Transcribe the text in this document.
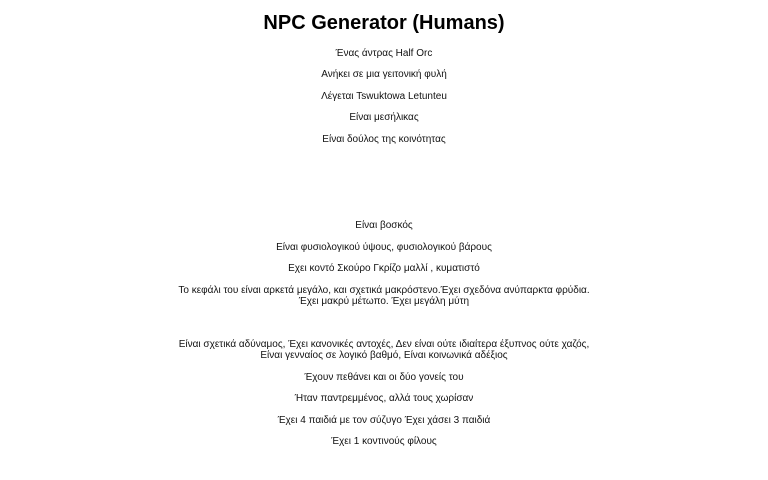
NPC Generator (Humans)

Ένας άντρας Half Orc

Ανήκει σε μια γειτονική φυλή

Λέγεται Tswuktowa Letunteu

Είναι μεσήλικας

Είναι δούλος της κοινότητας

Είναι βοσκός

Είναι φυσιολογικού ύψους, φυσιολογικού βάρους

Εχει κοντό Σκούρο Γκρίζο μαλλί , κυματιστό

Το κεφάλι του είναι αρκετά μεγάλο, και σχετικά μακρόστενο.Έχει σχεδόνα ανύπαρκτα φρύδια.

Έχει μακρύ μέτωπο. Έχει μεγάλη μύτη

Είναι σχετικά αδύναμος, Έχει κανονικές αντοχές, Δεν είναι ούτε ιδιαίτερα έξυπνος ούτε χαζός,

Είναι γενναίος σε λογικό βαθμό, Είναι κοινωνικά αδέξιος

Έχουν πεθάνει και οι δύο γονείς του

Ήταν παντρεμμένος, αλλά τους χωρίσαν

Έχει 4 παιδιά με τον σύζυγο Έχει χάσει 3 παιδιά

Έχει 1 κοντινούς φίλους
